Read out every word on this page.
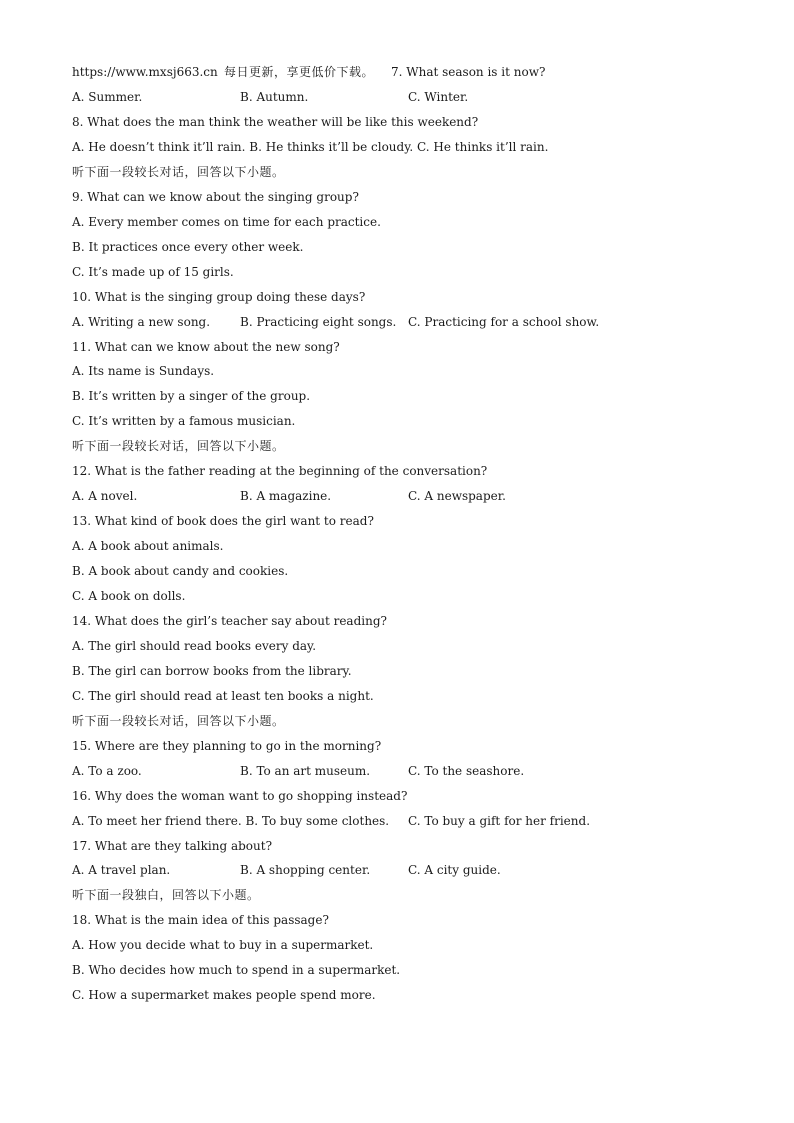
https://www.mxsj663.cn 每日更新，享更低价下载。 7. What season is it now?
A. Summer.	B. Autumn.	C. Winter.
8. What does the man think the weather will be like this weekend?
A. He doesn’t think it’ll rain. B. He thinks it’ll be cloudy. C. He thinks it’ll rain.
听下面一段较长对话，回答以下小题。
9. What can we know about the singing group?
A. Every member comes on time for each practice.
B. It practices once every other week.
C. It’s made up of 15 girls.
10. What is the singing group doing these days?
A. Writing a new song. B. Practicing eight songs. C. Practicing for a school show.
11. What can we know about the new song?
A. Its name is Sundays.
B. It’s written by a singer of the group.
C. It’s written by a famous musician.
听下面一段较长对话，回答以下小题。
12. What is the father reading at the beginning of the conversation?
A. A novel.	B. A magazine.	C. A newspaper.
13. What kind of book does the girl want to read?
A. A book about animals.
B. A book about candy and cookies.
C. A book on dolls.
14. What does the girl’s teacher say about reading?
A. The girl should read books every day.
B. The girl can borrow books from the library.
C. The girl should read at least ten books a night.
听下面一段较长对话，回答以下小题。
15. Where are they planning to go in the morning?
A. To a zoo.	B. To an art museum.	C. To the seashore.
16. Why does the woman want to go shopping instead?
A. To meet her friend there. B. To buy some clothes. C. To buy a gift for her friend.
17. What are they talking about?
A. A travel plan.	B. A shopping center.	C. A city guide.
听下面一段独白，回答以下小题。
18. What is the main idea of this passage?
A. How you decide what to buy in a supermarket.
B. Who decides how much to spend in a supermarket.
C. How a supermarket makes people spend more.
